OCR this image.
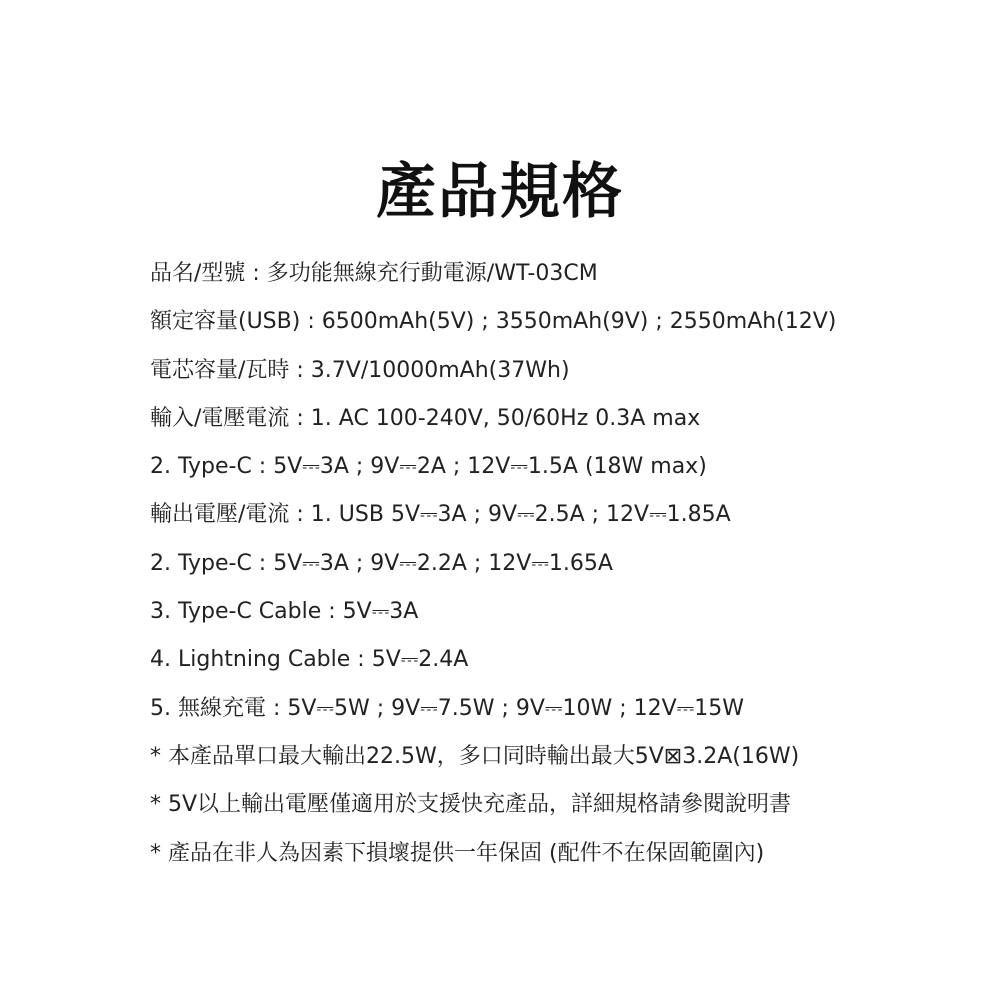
產品規格
品名/型號 : 多功能無線充行動電源/WT-03CM
額定容量(USB) : 6500mAh(5V) ; 3550mAh(9V) ; 2550mAh(12V)
電芯容量/瓦時 : 3.7V/10000mAh(37Wh)
輸入/電壓電流 : 1. AC 100-240V, 50/60Hz 0.3A max
2. Type-C : 5V⎓3A ; 9V⎓2A ; 12V⎓1.5A (18W max)
輸出電壓/電流 : 1. USB 5V⎓3A ; 9V⎓2.5A ; 12V⎓1.85A
2. Type-C : 5V⎓3A ; 9V⎓2.2A ; 12V⎓1.65A
3. Type-C Cable : 5V⎓3A
4. Lightning Cable : 5V⎓2.4A
5. 無線充電 : 5V⎓5W ; 9V⎓7.5W ; 9V⎓10W ; 12V⎓15W
* 本產品單口最大輸出22.5W，多口同時輸出最大5V⊠3.2A(16W)
* 5V以上輸出電壓僅適用於支援快充產品，詳細規格請參閱說明書
* 產品在非人為因素下損壞提供一年保固 (配件不在保固範圍內)
